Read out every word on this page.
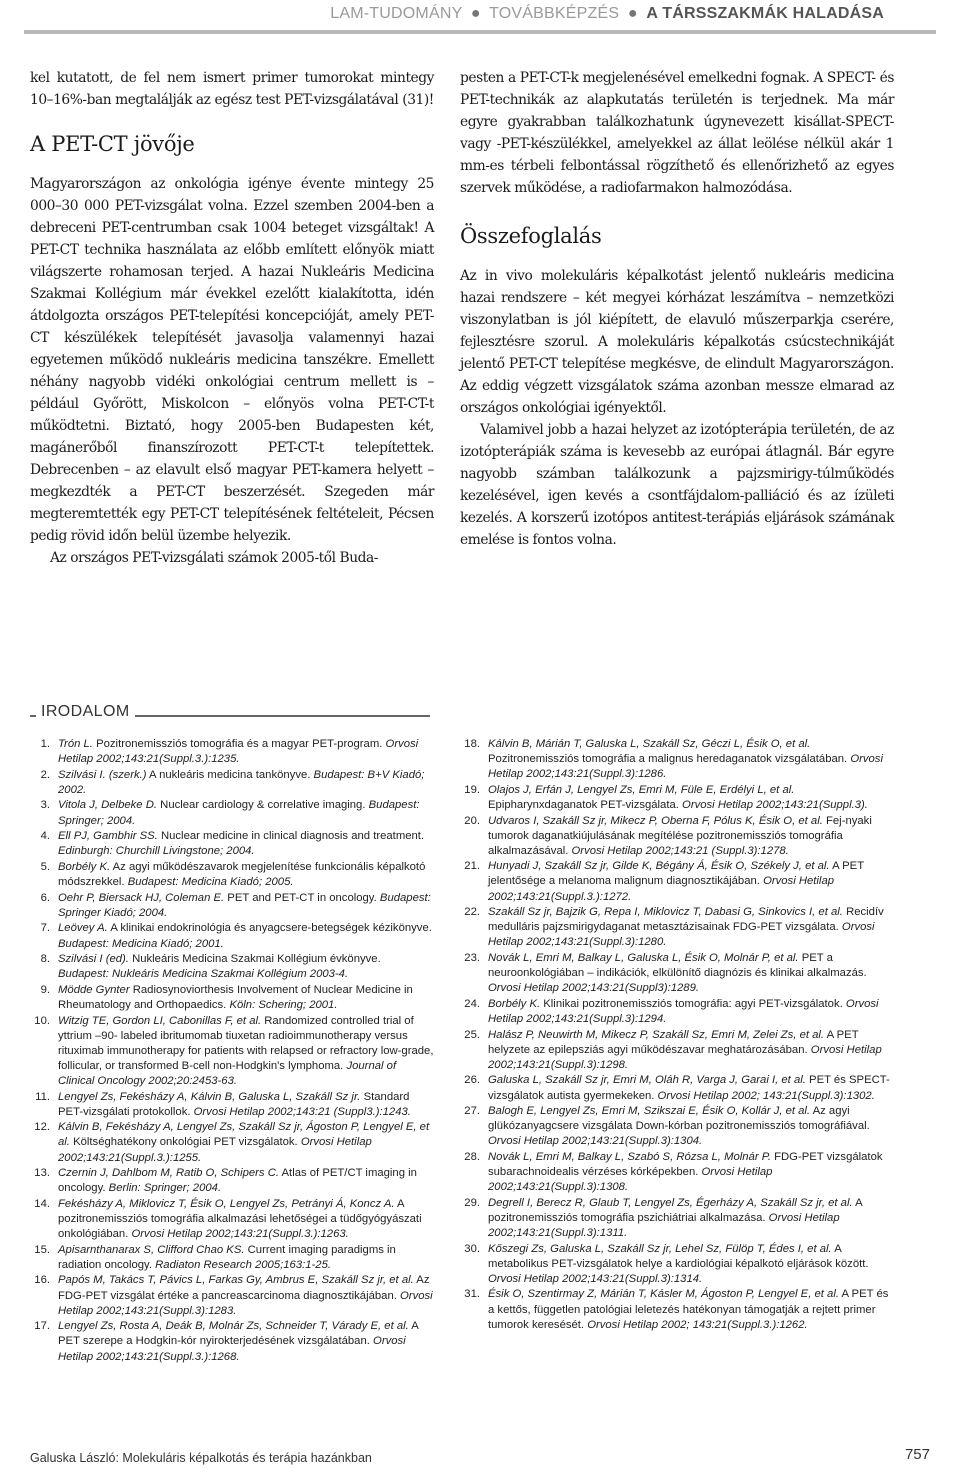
LAM-TUDOMÁNY ● TOVÁBBKÉPZÉS ● A TÁRSSZAKMÁK HALADÁSA

kel kutatott, de fel nem ismert primer tumorokat mintegy 10–16%-ban megtalálják az egész test PET-vizsgálatával (31)!

A PET-CT jövője

Magyarországon az onkológia igénye évente mintegy 25 000–30 000 PET-vizsgálat volna. Ezzel szemben 2004-ben a debreceni PET-centrumban csak 1004 beteget vizsgáltak! A PET-CT technika használata az előbb említett előnyök miatt világszerte rohamosan terjed. A hazai Nukleáris Medicina Szakmai Kollégium már évekkel ezelőtt kialakította, idén átdolgozta országos PET-telepítési koncepcióját, amely PET-CT készülékek telepítését javasolja valamennyi hazai egyetemen működő nukleáris medicina tanszékre. Emellett néhány nagyobb vidéki onkológiai centrum mellett is – például Győrött, Miskolcon – előnyös volna PET-CT-t működtetni. Biztató, hogy 2005-ben Budapesten két, magánerőből finanszírozott PET-CT-t telepítettek. Debrecenben – az elavult első magyar PET-kamera helyett – megkezdték a PET-CT beszerzését. Szegeden már megteremtették egy PET-CT telepítésének feltételeit, Pécsen pedig rövid időn belül üzembe helyezik.

Az országos PET-vizsgálati számok 2005-től Buda-

pesten a PET-CT-k megjelenésével emelkedni fognak. A SPECT- és PET-technikák az alapkutatás területén is terjednek. Ma már egyre gyakrabban találkozhatunk úgynevezett kisállat-SPECT- vagy -PET-készülékkel, amelyekkel az állat leölése nélkül akár 1 mm-es térbeli felbontással rögzíthető és ellenőrizhető az egyes szervek működése, a radiofarmakon halmozódása.

Összefoglalás

Az in vivo molekuláris képalkotást jelentő nukleáris medicina hazai rendszere – két megyei kórházat leszámítva – nemzetközi viszonylatban is jól kiépített, de elavuló műszerparkja cserére, fejlesztésre szorul. A molekuláris képalkotás csúcstechnikáját jelentő PET-CT telepítése megkésve, de elindult Magyarországon. Az eddig végzett vizsgálatok száma azonban messze elmarad az országos onkológiai igényektől.

Valamivel jobb a hazai helyzet az izotópterápia területén, de az izotópterápiák száma is kevesebb az európai átlagnál. Bár egyre nagyobb számban találkozunk a pajzsmirigy-túlműködés kezelésével, igen kevés a csontfájdalom-palliáció és az ízületi kezelés. A korszerű izotópos antitest-terápiás eljárások számának emelése is fontos volna.

IRODALOM
1. Trón L. Pozitronemissziós tomográfia és a magyar PET-program. Orvosi Hetilap 2002;143:21(Suppl.3.):1235.
2. Szilvási I. (szerk.) A nukleáris medicina tankönyve. Budapest: B+V Kiadó; 2002.
3. Vitola J, Delbeke D. Nuclear cardiology & correlative imaging. Budapest: Springer; 2004.
4. Ell PJ, Gambhir SS. Nuclear medicine in clinical diagnosis and treatment. Edinburgh: Churchill Livingstone; 2004.
5. Borbély K. Az agyi működészavarok megjelenítése funkcionális képalkotó módszrekkel. Budapest: Medicina Kiadó; 2005.
6. Oehr P, Biersack HJ, Coleman E. PET and PET-CT in oncology. Budapest: Springer Kiadó; 2004.
7. Leövey A. A klinikai endokrinológia és anyagcsere-betegségek kézikönyve. Budapest: Medicina Kiadó; 2001.
8. Szilvási I (ed). Nukleáris Medicina Szakmai Kollégium évkönyve. Budapest: Nukleáris Medicina Szakmai Kollégium 2003-4.
9. Mödde Gynter Radiosynoviorthesis Involvement of Nuclear Medicine in Rheumatology and Orthopaedics. Köln: Schering; 2001.
10. Witzig TE, Gordon LI, Cabonillas F, et al. Randomized controlled trial of yttrium –90- labeled ibritumomab tiuxetan radioimmunotherapy versus rituximab immunotherapy for patients with relapsed or refractory low-grade, follicular, or transformed B-cell non-Hodgkin's lymphoma. Journal of Clinical Oncology 2002;20:2453-63.
11. Lengyel Zs, Fekésházy A, Kálvin B, Galuska L, Szakáll Sz jr. Standard PET-vizsgálati protokollok. Orvosi Hetilap 2002;143:21 (Suppl3.):1243.
12. Kálvin B, Fekésházy A, Lengyel Zs, Szakáll Sz jr, Ágoston P, Lengyel E, et al. Költséghatékony onkológiai PET vizsgálatok. Orvosi Hetilap 2002;143:21(Suppl.3.):1255.
13. Czernin J, Dahlbom M, Ratib O, Schipers C. Atlas of PET/CT imaging in oncology. Berlin: Springer; 2004.
14. Fekésházy A, Miklovicz T, Ésik O, Lengyel Zs, Petrányi Á, Koncz A. A pozitronemissziós tomográfia alkalmazási lehetőségei a tüdőgyógyászati onkológiában. Orvosi Hetilap 2002;143:21(Suppl.3.):1263.
15. Apisarnthanarax S, Clifford Chao KS. Current imaging paradigms in radiation oncology. Radiaton Research 2005;163:1-25.
16. Papós M, Takács T, Pávics L, Farkas Gy, Ambrus E, Szakáll Sz jr, et al. Az FDG-PET vizsgálat értéke a pancreascarcinoma diagnosztikájában. Orvosi Hetilap 2002;143:21(Suppl.3):1283.
17. Lengyel Zs, Rosta A, Deák B, Molnár Zs, Schneider T, Várady E, et al. A PET szerepe a Hodgkin-kór nyirokterjedésének vizsgálatában. Orvosi Hetilap 2002;143:21(Suppl.3.):1268.
18. Kálvin B, Márián T, Galuska L, Szakáll Sz, Géczi L, Ésik O, et al. Pozitronemissziós tomográfia a malignus heredaganatok vizsgálatában. Orvosi Hetilap 2002;143:21(Suppl.3):1286.
19. Olajos J, Erfán J, Lengyel Zs, Emri M, Füle E, Erdélyi L, et al. Epipharynxdaganatok PET-vizsgálata. Orvosi Hetilap 2002;143:21(Suppl.3).
20. Udvaros I, Szakáll Sz jr, Mikecz P, Oberna F, Pólus K, Ésik O, et al. Fej-nyaki tumorok daganatkiújulásának megítélése pozitronemissziós tomográfia alkalmazásával. Orvosi Hetilap 2002;143:21 (Suppl.3):1278.
21. Hunyadi J, Szakáll Sz jr, Gilde K, Bégány Á, Ésik O, Székely J, et al. A PET jelentősége a melanoma malignum diagnosztikájában. Orvosi Hetilap 2002;143:21(Suppl.3.):1272.
22. Szakáll Sz jr, Bajzik G, Repa I, Miklovicz T, Dabasi G, Sinkovics I, et al. Recidív medulláris pajzsmirigydaganat metasztázisainak FDG-PET vizsgálata. Orvosi Hetilap 2002;143:21(Suppl.3):1280.
23. Novák L, Emri M, Balkay L, Galuska L, Ésik O, Molnár P, et al. PET a neuroonkológiában – indikációk, elkülönítő diagnózis és klinikai alkalmazás. Orvosi Hetilap 2002;143:21(Suppl3):1289.
24. Borbély K. Klinikai pozitronemissziós tomográfia: agyi PET-vizsgálatok. Orvosi Hetilap 2002;143:21(Suppl.3):1294.
25. Halász P, Neuwirth M, Mikecz P, Szakáll Sz, Emri M, Zelei Zs, et al. A PET helyzete az epilepsziás agyi működészavar meghatározásában. Orvosi Hetilap 2002;143:21(Suppl.3):1298.
26. Galuska L, Szakáll Sz jr, Emri M, Oláh R, Varga J, Garai I, et al. PET és SPECT-vizsgálatok autista gyermekeken. Orvosi Hetilap 2002; 143:21(Suppl.3):1302.
27. Balogh E, Lengyel Zs, Emri M, Szikszai E, Ésik O, Kollár J, et al. Az agyi glükózanyagcsere vizsgálata Down-kórban pozitronemissziós tomográfiával. Orvosi Hetilap 2002;143:21(Suppl.3):1304.
28. Novák L, Emri M, Balkay L, Szabó S, Rózsa L, Molnár P. FDG-PET vizsgálatok subarachnoidealis vérzéses kórképekben. Orvosi Hetilap 2002;143:21(Suppl.3):1308.
29. Degrell I, Berecz R, Glaub T, Lengyel Zs, Égerházy A, Szakáll Sz jr, et al. A pozitronemissziós tomográfia pszichiátriai alkalmazása. Orvosi Hetilap 2002;143:21(Suppl.3):1311.
30. Kőszegi Zs, Galuska L, Szakáll Sz jr, Lehel Sz, Fülöp T, Édes I, et al. A metabolikus PET-vizsgálatok helye a kardiológiai képalkotó eljárások között. Orvosi Hetilap 2002;143:21(Suppl.3):1314.
31. Ésik O, Szentirmay Z, Márián T, Kásler M, Ágoston P, Lengyel E, et al. A PET és a kettős, független patológiai leletezés hatékonyan támogatják a rejtett primer tumorok keresését. Orvosi Hetilap 2002; 143:21(Suppl.3.):1262.
Galuska László: Molekuláris képalkotás és terápia hazánkban	757
